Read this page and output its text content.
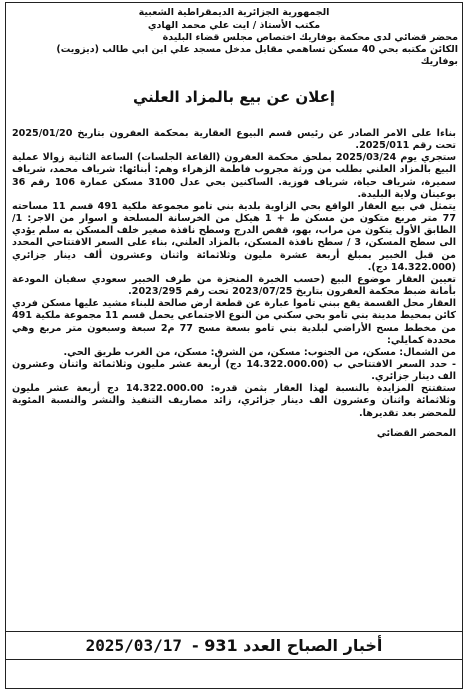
الجمهورية الجزائرية الديمقراطية الشعبية
مكتب الأستاذ / ايت علي محمد الهادي
محضر قضائي لدى محكمة بوفاريك اختصاص مجلس قضاء البليدة
الكائن مكتبه بحي 40 مسكن تساهمي مقابل مدخل مسجد علي ابن ابي طالب (ديزويت)
بوفاريك
إعلان عن بيع بالمزاد العلني

بناءا على الامر الصادر عن رئيس قسم البيوع العقارية بمحكمة العفرون بتاريخ 2025/01/20 تحت رقم 2025/011.

ستجري يوم 2025/03/24 بملحق محكمة العفرون (القاعة الجلسات) الساعة الثانية زوالا عملية البيع بالمزاد العلني بطلب من ورثة مجروب فاطمة الزهراء وهم: أبنائها: شرياف محمد، شرياف سميرة، شرياف حياة، شرياف فوزية. الساكنين بحي عدل 3100 مسكن عمارة 106 رقم 36 بوعينان ولاية البليدة.

يتمثل في بيع العقار الواقع بحي الزاوية بلدية بني تامو مجموعة ملكية 491 قسم 11 مساحته 77 متر مربع متكون من مسكن ط + 1 هيكل من الخرسانة المسلحة و اسوار من الاجر: 1/ الطابق الأول يتكون من مراب، بهو، قفص الدرج وسطح نافذة صغير خلف المسكن به سلم يؤدي الى سطح المسكن، 3 / سطح نافذة المسكن، بالمزاد العلني، بناء على السعر الافتتاحي المحدد من قبل الخبير بمبلغ أربعة عشرة مليون وثلاثمائة واثنان وعشرون ألف دينار جزائري (14.322.000 دج).

تعيين العقار موضوع البيع (حسب الخبرة المنجزة من طرف الخبير سعودي سفيان المودعة بأمانة ضبط محكمة العفرون بتاريخ 2023/07/25 تحت رقم 2023/295.

العقار محل القسمة يقع ببني تاموا عبارة عن قطعة ارض صالحة للبناء مشيد عليها مسكن فردي كائن بمحيط مدينة بني تامو بحي سكني من النوع الاجتماعي يحمل قسم 11 مجموعة ملكية 491 من مخطط مسح الأراضي لبلدية بني تامو بسعة مسح 77 م2 سبعة وسبعون متر مربع وهي محددة كمايلي:

من الشمال: مسكن، من الجنوب: مسكن، من الشرق: مسكن، من الغرب طريق الحي.

- حدد السعر الافتتاحي ب (14.322.000.00 دج) أربعة عشر مليون وثلاثمائة واثنان وعشرون الف دينار جزائري.

ستفتتح المزايدة بالنسبة لهذا العقار بثمن قدره: 14.322.000.00 دج أربعة عشر مليون وثلاثمائة واثنان وعشرون الف دينار جزائري، زائد مصاريف التنفيذ والنشر والنسبة المئوية للمحضر بعد تقديرها.

المحضر القضائي
أخبار الصباح العدد 931 -
2025/03/17
